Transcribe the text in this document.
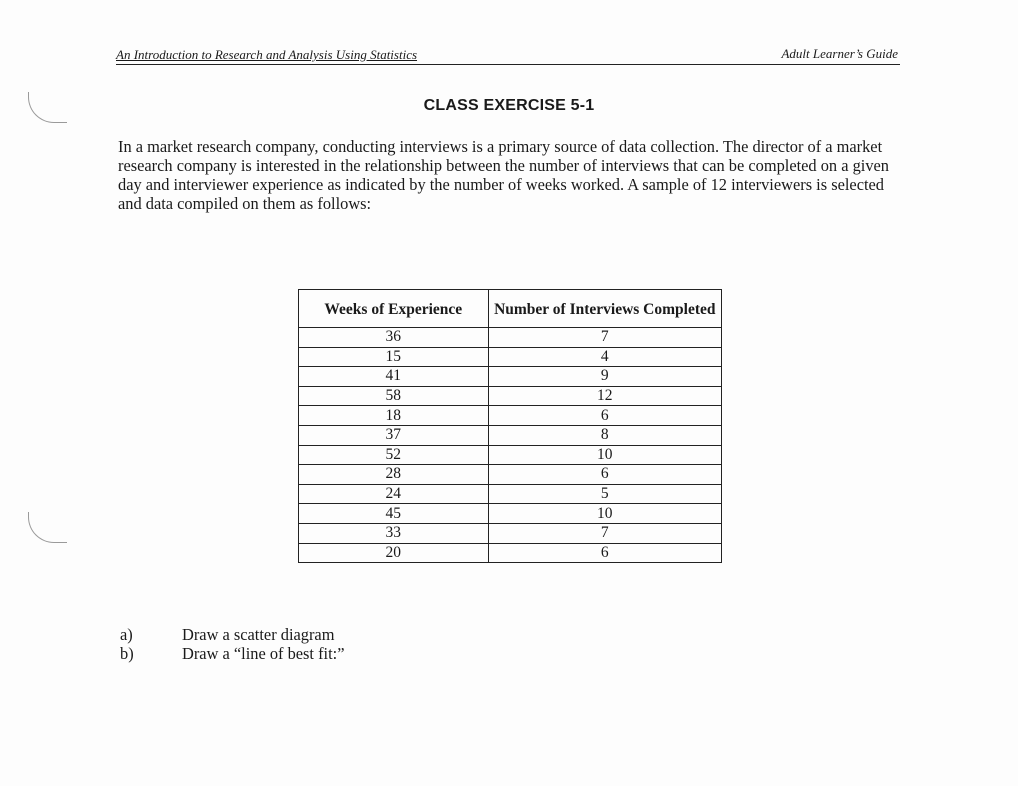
An Introduction to Research and Analysis Using Statistics	Adult Learner’s Guide
CLASS EXERCISE 5-1
In a market research company, conducting interviews is a primary source of data collection. The director of a market research company is interested in the relationship between the number of interviews that can be completed on a given day and interviewer experience as indicated by the number of weeks worked. A sample of 12 interviewers is selected and data compiled on them as follows:
Weeks of Experience	Number of Interviews Completed
36	7
15	4
41	9
58	12
18	6
37	8
52	10
28	6
24	5
45	10
33	7
20	6
a)	Draw a scatter diagram
b)	Draw a “line of best fit:”
